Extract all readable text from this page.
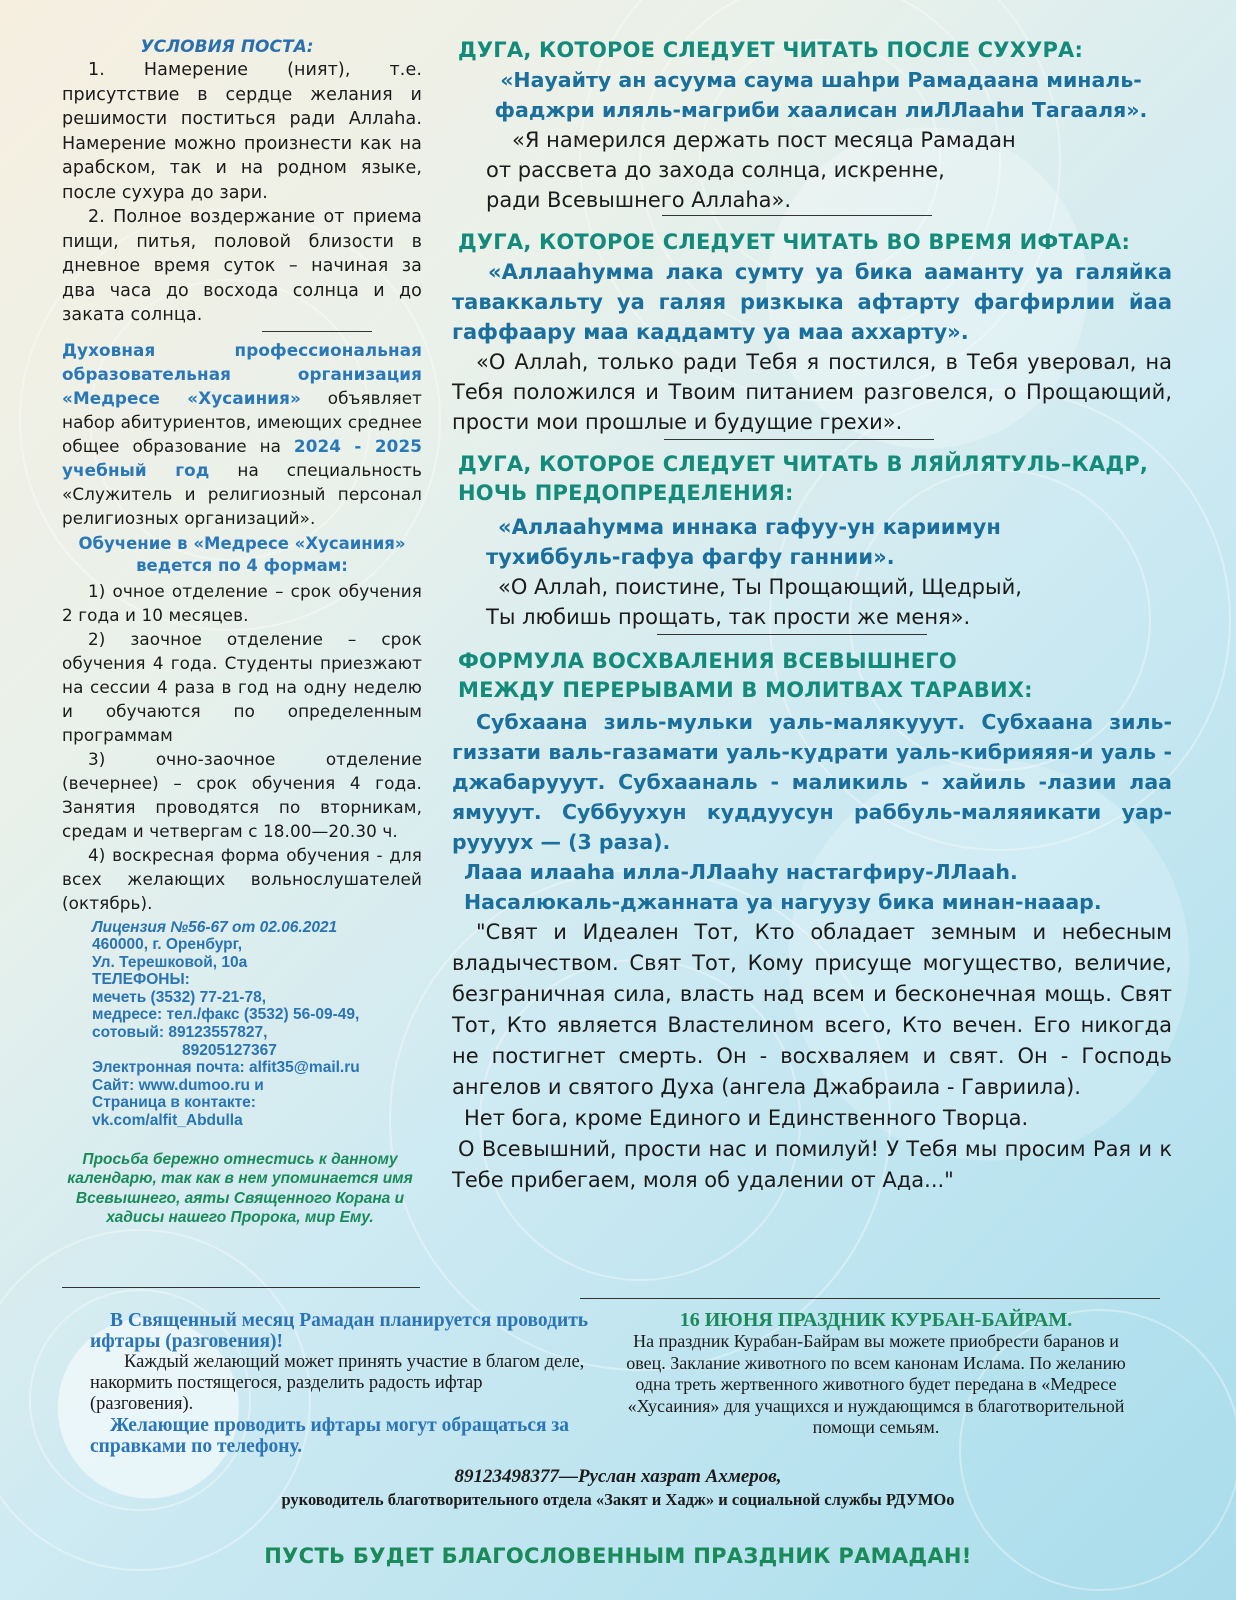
УСЛОВИЯ ПОСТА:

1. Намерение (ният), т.е. присутствие в сердце желания и решимости поститься ради Аллаhа. Намерение можно произнести как на арабском, так и на родном языке, после сухура до зари.

2. Полное воздержание от приема пищи, питья, половой близости в дневное время суток – начиная за два часа до восхода солнца и до заката солнца.

Духовная профессиональная образовательная организация «Медресе «Хусаиния» объявляет набор абитуриентов, имеющих среднее общее образование на 2024 - 2025 учебный год на специальность «Служитель и религиозный персонал религиозных организаций».

Обучение в «Медресе «Хусаиния» ведется по 4 формам:

1) очное отделение – срок обучения 2 года и 10 месяцев.

2) заочное отделение – срок обучения 4 года. Студенты приезжают на сессии 4 раза в год на одну неделю и обучаются по определенным программам

3) очно-заочное отделение (вечернее) – срок обучения 4 года. Занятия проводятся по вторникам, средам и четвергам с 18.00—20.30 ч.

4) воскресная форма обучения - для всех желающих вольнослушателей (октябрь).

Лицензия №56-67 от 02.06.2021

460000, г. Оренбург,

Ул. Терешковой, 10а

ТЕЛЕФОНЫ:

мечеть (3532) 77-21-78,

медресе: тел./факс (3532) 56-09-49,

сотовый: 89123557827,

89205127367

Электронная почта: alfit35@mail.ru

Сайт: www.dumoo.ru и

Страница в контакте:

vk.com/alfit_Abdulla

Просьба бережно отнестись к данному календарю, так как в нем упоминается имя Всевышнего, аяты Священного Корана и хадисы нашего Пророка, мир Ему.

ДУГА, КОТОРОЕ СЛЕДУЕТ ЧИТАТЬ ПОСЛЕ СУХУРА:

«Науайту ан асуума саума шаhри Рамадаана миналь-фаджри иляль-магриби хаалисан лиЛЛааhи Тагааля».

«Я намерился держать пост месяца Рамадан

от рассвета до захода солнца, искренне,

ради Всевышнего Аллаhа».

ДУГА, КОТОРОЕ СЛЕДУЕТ ЧИТАТЬ ВО ВРЕМЯ ИФТАРА:

«Аллааhумма лака сумту уа бика ааманту уа галяйка таваккальту уа галяя ризкыка афтарту фагфирлии йаа гаффаару маа каддамту уа маа аххарту».

«О Аллаh, только ради Тебя я постился, в Тебя уверовал, на Тебя положился и Твоим питанием разговелся, о Прощающий, прости мои прошлые и будущие грехи».

ДУГА, КОТОРОЕ СЛЕДУЕТ ЧИТАТЬ В ЛЯЙЛЯТУЛЬ–КАДР,

НОЧЬ ПРЕДОПРЕДЕЛЕНИЯ:

«Аллааhумма иннака гафуу-ун кариимун

тухиббуль-гафуа фагфу ганнии».

«О Аллаh, поистине, Ты Прощающий, Щедрый,

Ты любишь прощать, так прости же меня».

ФОРМУЛА ВОСХВАЛЕНИЯ ВСЕВЫШНЕГО

МЕЖДУ ПЕРЕРЫВАМИ В МОЛИТВАХ ТАРАВИХ:

Субхаана зиль-мульки уаль-малякууут. Субхаана зиль-гиззати валь-газамати уаль-кудрати уаль-кибрияяя-и уаль - джабарууут. Субхааналь - маликиль - хайиль -лазии лаа ямууут. Суббуухун куддуусун раббуль-маляяикати уар-руууух — (3 раза).

Лааа илааhа илла-ЛЛааhу настагфиру-ЛЛааh.

Насалюкаль-джанната уа нагуузу бика минан-наaар.

"Свят и Идеален Тот, Кто обладает земным и небесным владычеством. Свят Тот, Кому присуще могущество, величие, безграничная сила, власть над всем и бесконечная мощь. Свят Тот, Кто является Властелином всего, Кто вечен. Его никогда не постигнет смерть. Он - восхваляем и свят. Он - Господь ангелов и святого Духа (ангела Джабраила - Гавриила).

Нет бога, кроме Единого и Единственного Творца.

О Всевышний, прости нас и помилуй! У Тебя мы просим Рая и к Тебе прибегаем, моля об удалении от Ада..."

В Священный месяц Рамадан планируется проводить ифтары (разговения)!

Каждый желающий может принять участие в благом деле, накормить постящегося, разделить радость ифтар (разговения).

Желающие проводить ифтары могут обращаться за справками по телефону.

16 ИЮНЯ ПРАЗДНИК КУРБАН-БАЙРАМ.

На праздник Курабан-Байрам вы можете приобрести баранов и овец. Заклание животного по всем канонам Ислама. По желанию одна треть жертвенного животного будет передана в «Медресе «Хусаиния» для учащихся и нуждающимся в благотворительной помощи семьям.

89123498377—Руслан хазрат Ахмеров,

руководитель благотворительного отдела «Закят и Хадж» и социальной службы РДУМОо

ПУСТЬ БУДЕТ БЛАГОСЛОВЕННЫМ ПРАЗДНИК РАМАДАН!
